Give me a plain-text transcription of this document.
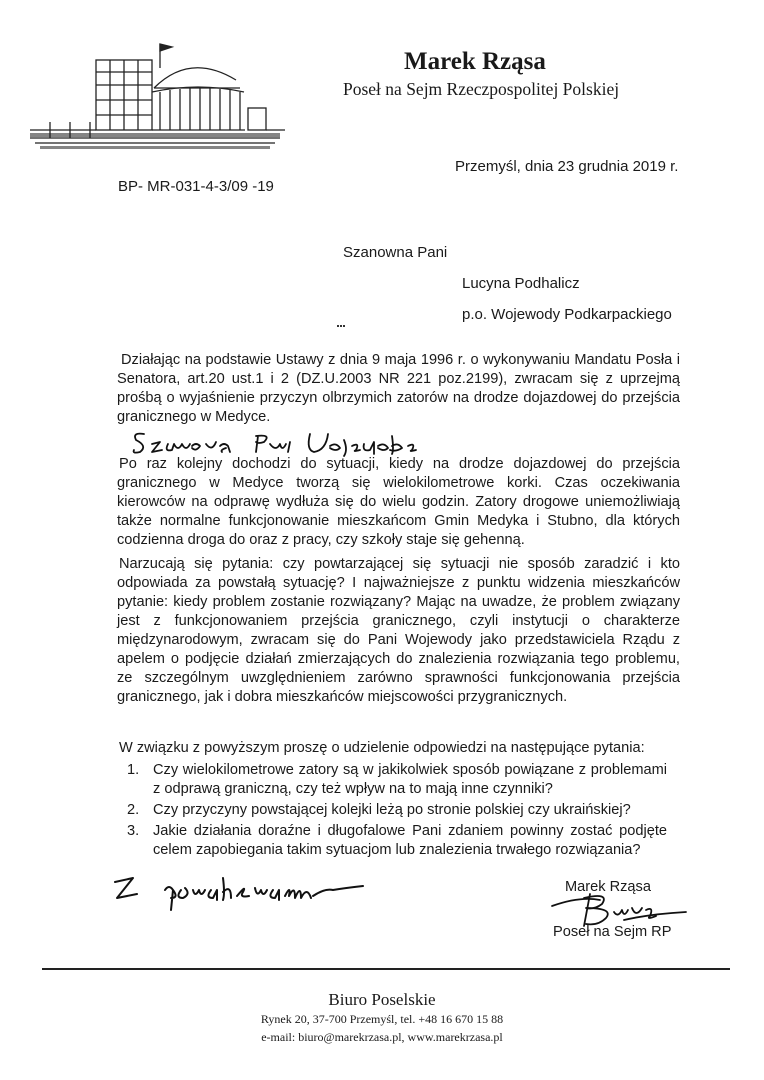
Marek Rząsa
Poseł na Sejm Rzeczpospolitej Polskiej
Przemyśl, dnia 23 grudnia 2019 r.
BP- MR-031-4-3/09 -19
Szanowna Pani
Lucyna Podhalicz
p.o. Wojewody Podkarpackiego
Działając na podstawie Ustawy z dnia 9 maja 1996 r. o wykonywaniu Mandatu Posła i Senatora, art.20 ust.1 i 2 (DZ.U.2003 NR 221 poz.2199), zwracam się z uprzejmą prośbą o wyjaśnienie przyczyn olbrzymich zatorów na drodze dojazdowej do przejścia granicznego w Medyce.
Po raz kolejny dochodzi do sytuacji, kiedy na drodze dojazdowej do przejścia granicznego w Medyce tworzą się wielokilometrowe korki. Czas oczekiwania kierowców na odprawę wydłuża się do wielu godzin. Zatory drogowe uniemożliwiają także normalne funkcjonowanie mieszkańcom Gmin Medyka i Stubno, dla których codzienna droga do oraz z pracy, czy szkoły staje się gehenną.
Narzucają się pytania: czy powtarzającej się sytuacji nie sposób zaradzić i kto odpowiada za powstałą sytuację? I najważniejsze z punktu widzenia mieszkańców pytanie: kiedy problem zostanie rozwiązany? Mając na uwadze, że problem związany jest z funkcjonowaniem przejścia granicznego, czyli instytucji o charakterze międzynarodowym, zwracam się do Pani Wojewody jako przedstawiciela Rządu z apelem o podjęcie działań zmierzających do znalezienia rozwiązania tego problemu, ze szczególnym uwzględnieniem zarówno sprawności funkcjonowania przejścia granicznego, jak i dobra mieszkańców miejscowości przygranicznych.
W związku z powyższym proszę o udzielenie odpowiedzi na następujące pytania:
1. Czy wielokilometrowe zatory są w jakikolwiek sposób powiązane z problemami z odprawą graniczną, czy też wpływ na to mają inne czynniki?
2. Czy przyczyny powstającej kolejki leżą po stronie polskiej czy ukraińskiej?
3. Jakie działania doraźne i długofalowe Pani zdaniem powinny zostać podjęte celem zapobiegania takim sytuacjom lub znalezienia trwałego rozwiązania?
Marek Rząsa
Poseł na Sejm RP
Biuro Poselskie
Rynek 20, 37-700 Przemyśl, tel. +48 16 670 15 88
e-mail: biuro@marekrzasa.pl, www.marekrzasa.pl
